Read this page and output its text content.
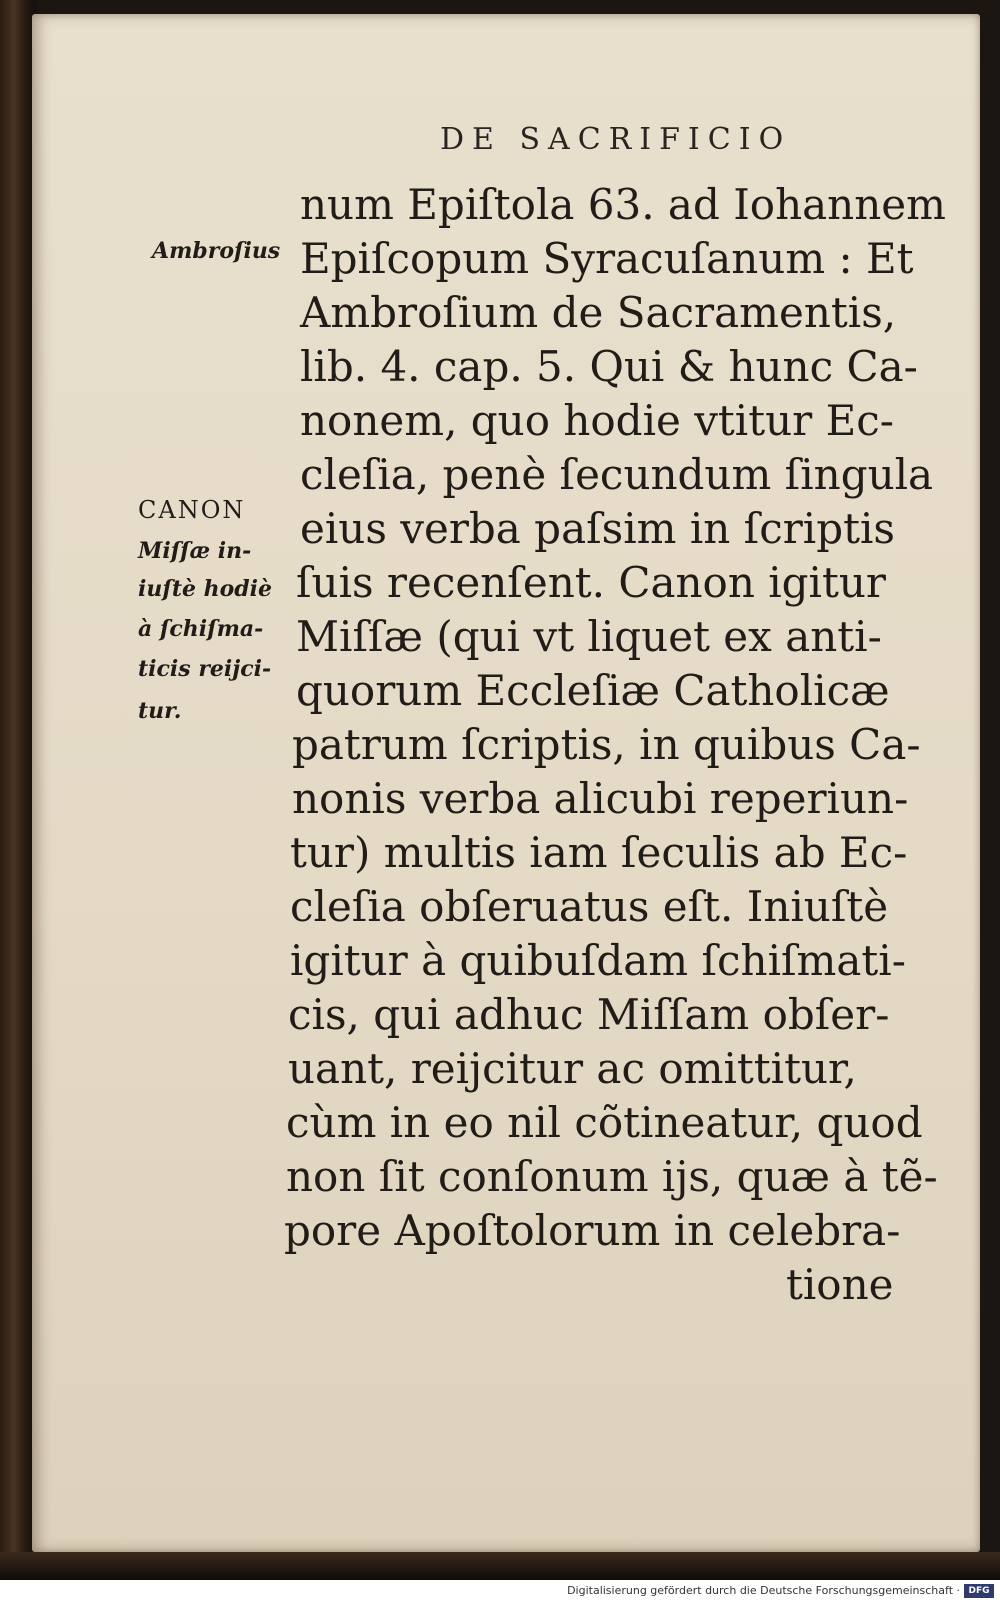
DE SACRIFICIO
num Epiſtola 63. ad Iohannem
Epiſcopum Syracuſanum : Et
Ambroſium de Sacramentis,
lib. 4. cap. 5. Qui & hunc Ca-
nonem, quo hodie vtitur Ec-
cleſia, penè ſecundum ſingula
eius verba paſsim in ſcriptis
ſuis recenſent. Canon igitur
Miſſæ (qui vt liquet ex anti-
quorum Eccleſiæ Catholicæ
patrum ſcriptis, in quibus Ca-
nonis verba alicubi reperiun-
tur) multis iam ſeculis ab Ec-
cleſia obſeruatus eſt. Iniuſtè
igitur à quibuſdam ſchiſmati-
cis, qui adhuc Miſſam obſer-
uant, reijcitur ac omittitur,
cùm in eo nil cõtineatur, quod
non ſit conſonum ijs, quæ à tẽ-
pore Apoſtolorum in celebra-
tione
Ambroſius
CANON
Miſſæ in-
iuſtè hodiè
à ſchiſma-
ticis reijci-
tur.
Digitalisierung gefördert durch die Deutsche Forschungsgemeinschaft · DFG
